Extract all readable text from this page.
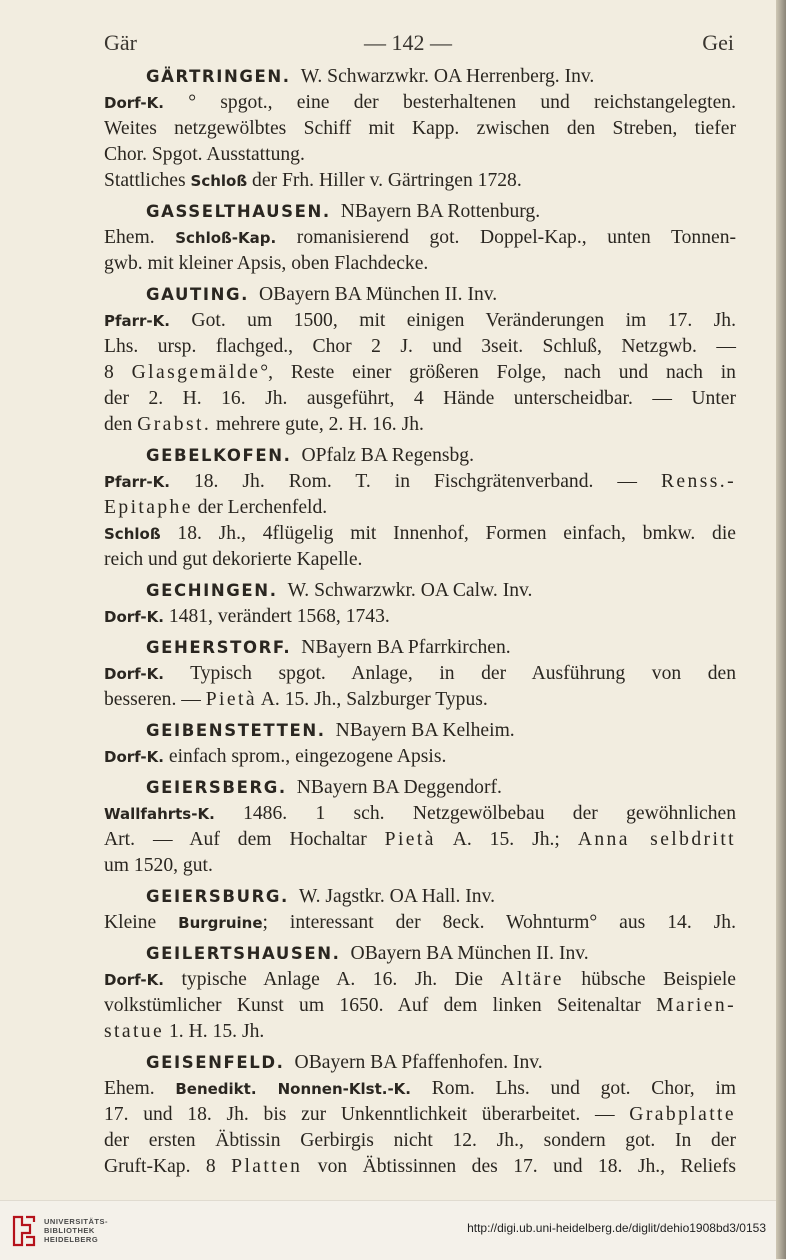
Gär	— 142 —	Gei
GÄRTRINGEN. W. Schwarzwkr. OA Herrenberg. Inv.
Dorf-K. ° spgot., eine der besterhaltenen und reichstangelegten.
Weites netzgewölbtes Schiff mit Kapp. zwischen den Streben, tiefer
Chor. Spgot. Ausstattung.
Stattliches Schloß der Frh. Hiller v. Gärtringen 1728.
GASSELTHAUSEN. NBayern BA Rottenburg.
Ehem. Schloß-Kap. romanisierend got. Doppel-Kap., unten Tonnen-
gwb. mit kleiner Apsis, oben Flachdecke.
GAUTING. OBayern BA München II. Inv.
Pfarr-K. Got. um 1500, mit einigen Veränderungen im 17. Jh.
Lhs. ursp. flachged., Chor 2 J. und 3seit. Schluß, Netzgwb. —
8 Glasgemälde°, Reste einer größeren Folge, nach und nach in
der 2. H. 16. Jh. ausgeführt, 4 Hände unterscheidbar. — Unter
den Grabst. mehrere gute, 2. H. 16. Jh.
GEBELKOFEN. OPfalz BA Regensbg.
Pfarr-K. 18. Jh. Rom. T. in Fischgrätenverband. — Renss.-
Epitaphe der Lerchenfeld.
Schloß 18. Jh., 4flügelig mit Innenhof, Formen einfach, bmkw. die
reich und gut dekorierte Kapelle.
GECHINGEN. W. Schwarzwkr. OA Calw. Inv.
Dorf-K. 1481, verändert 1568, 1743.
GEHERSTORF. NBayern BA Pfarrkirchen.
Dorf-K. Typisch spgot. Anlage, in der Ausführung von den
besseren. — Pietà A. 15. Jh., Salzburger Typus.
GEIBENSTETTEN. NBayern BA Kelheim.
Dorf-K. einfach sprom., eingezogene Apsis.
GEIERSBERG. NBayern BA Deggendorf.
Wallfahrts-K. 1486. 1 sch. Netzgewölbebau der gewöhnlichen
Art. — Auf dem Hochaltar Pietà A. 15. Jh.; Anna selbdritt
um 1520, gut.
GEIERSBURG. W. Jagstkr. OA Hall. Inv.
Kleine Burgruine; interessant der 8eck. Wohnturm° aus 14. Jh.
GEILERTSHAUSEN. OBayern BA München II. Inv.
Dorf-K. typische Anlage A. 16. Jh. Die Altäre hübsche Beispiele
volkstümlicher Kunst um 1650. Auf dem linken Seitenaltar Marien-
statue 1. H. 15. Jh.
GEISENFELD. OBayern BA Pfaffenhofen. Inv.
Ehem. Benedikt. Nonnen-Klst.-K. Rom. Lhs. und got. Chor, im
17. und 18. Jh. bis zur Unkenntlichkeit überarbeitet. — Grabplatte
der ersten Äbtissin Gerbirgis nicht 12. Jh., sondern got. In der
Gruft-Kap. 8 Platten von Äbtissinnen des 17. und 18. Jh., Reliefs
UNIVERSITÄTS-
BIBLIOTHEK
HEIDELBERG
http://digi.ub.uni-heidelberg.de/diglit/dehio1908bd3/0153
